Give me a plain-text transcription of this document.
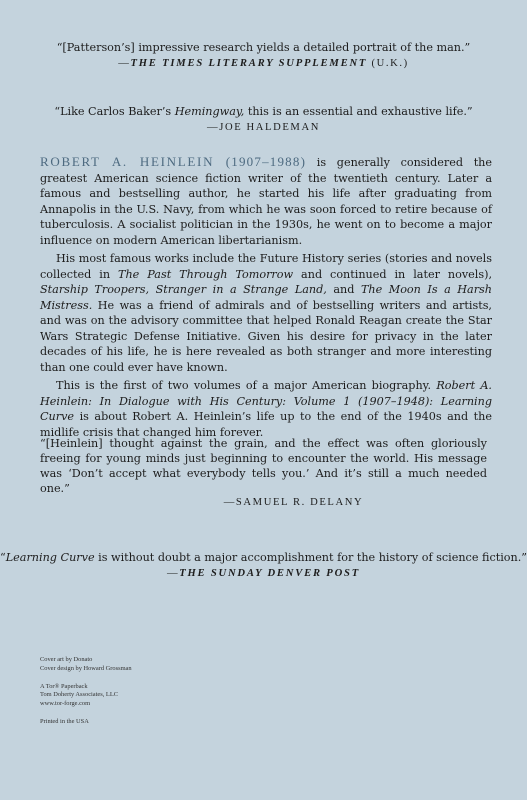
“[Patterson’s] impressive research yields a detailed portrait of the man.”

—THE TIMES LITERARY SUPPLEMENT (U.K.)

“Like Carlos Baker’s Hemingway, this is an essential and exhaustive life.”

—JOE HALDEMAN

ROBERT A. HEINLEIN (1907–1988) is generally considered the greatest American science fiction writer of the twentieth century. Later a famous and bestselling author, he started his life after graduating from Annapolis in the U.S. Navy, from which he was soon forced to retire because of tuberculosis. A socialist politician in the 1930s, he went on to become a major influence on modern American libertarianism.

His most famous works include the Future History series (stories and novels collected in The Past Through Tomorrow and continued in later novels), Starship Troopers, Stranger in a Strange Land, and The Moon Is a Harsh Mistress. He was a friend of admirals and of bestselling writers and artists, and was on the advisory committee that helped Ronald Reagan create the Star Wars Strategic Defense Initiative. Given his desire for privacy in the later decades of his life, he is here revealed as both stranger and more interesting than one could ever have known.

This is the first of two volumes of a major American biography. Robert A. Heinlein: In Dialogue with His Century: Volume 1 (1907–1948): Learning Curve is about Robert A. Heinlein’s life up to the end of the 1940s and the midlife crisis that changed him forever.

“[Heinlein] thought against the grain, and the effect was often gloriously freeing for young minds just beginning to encounter the world. His message was ‘Don’t accept what everybody tells you.’ And it’s still a much needed one.”

—SAMUEL R. DELANY

“Learning Curve is without doubt a major accomplishment for the history of science fiction.”

—THE SUNDAY DENVER POST
Cover art by Donato
Cover design by Howard Grossman
A Tor® Paperback
Tom Doherty Associates, LLC
www.tor-forge.com
Printed in the USA
